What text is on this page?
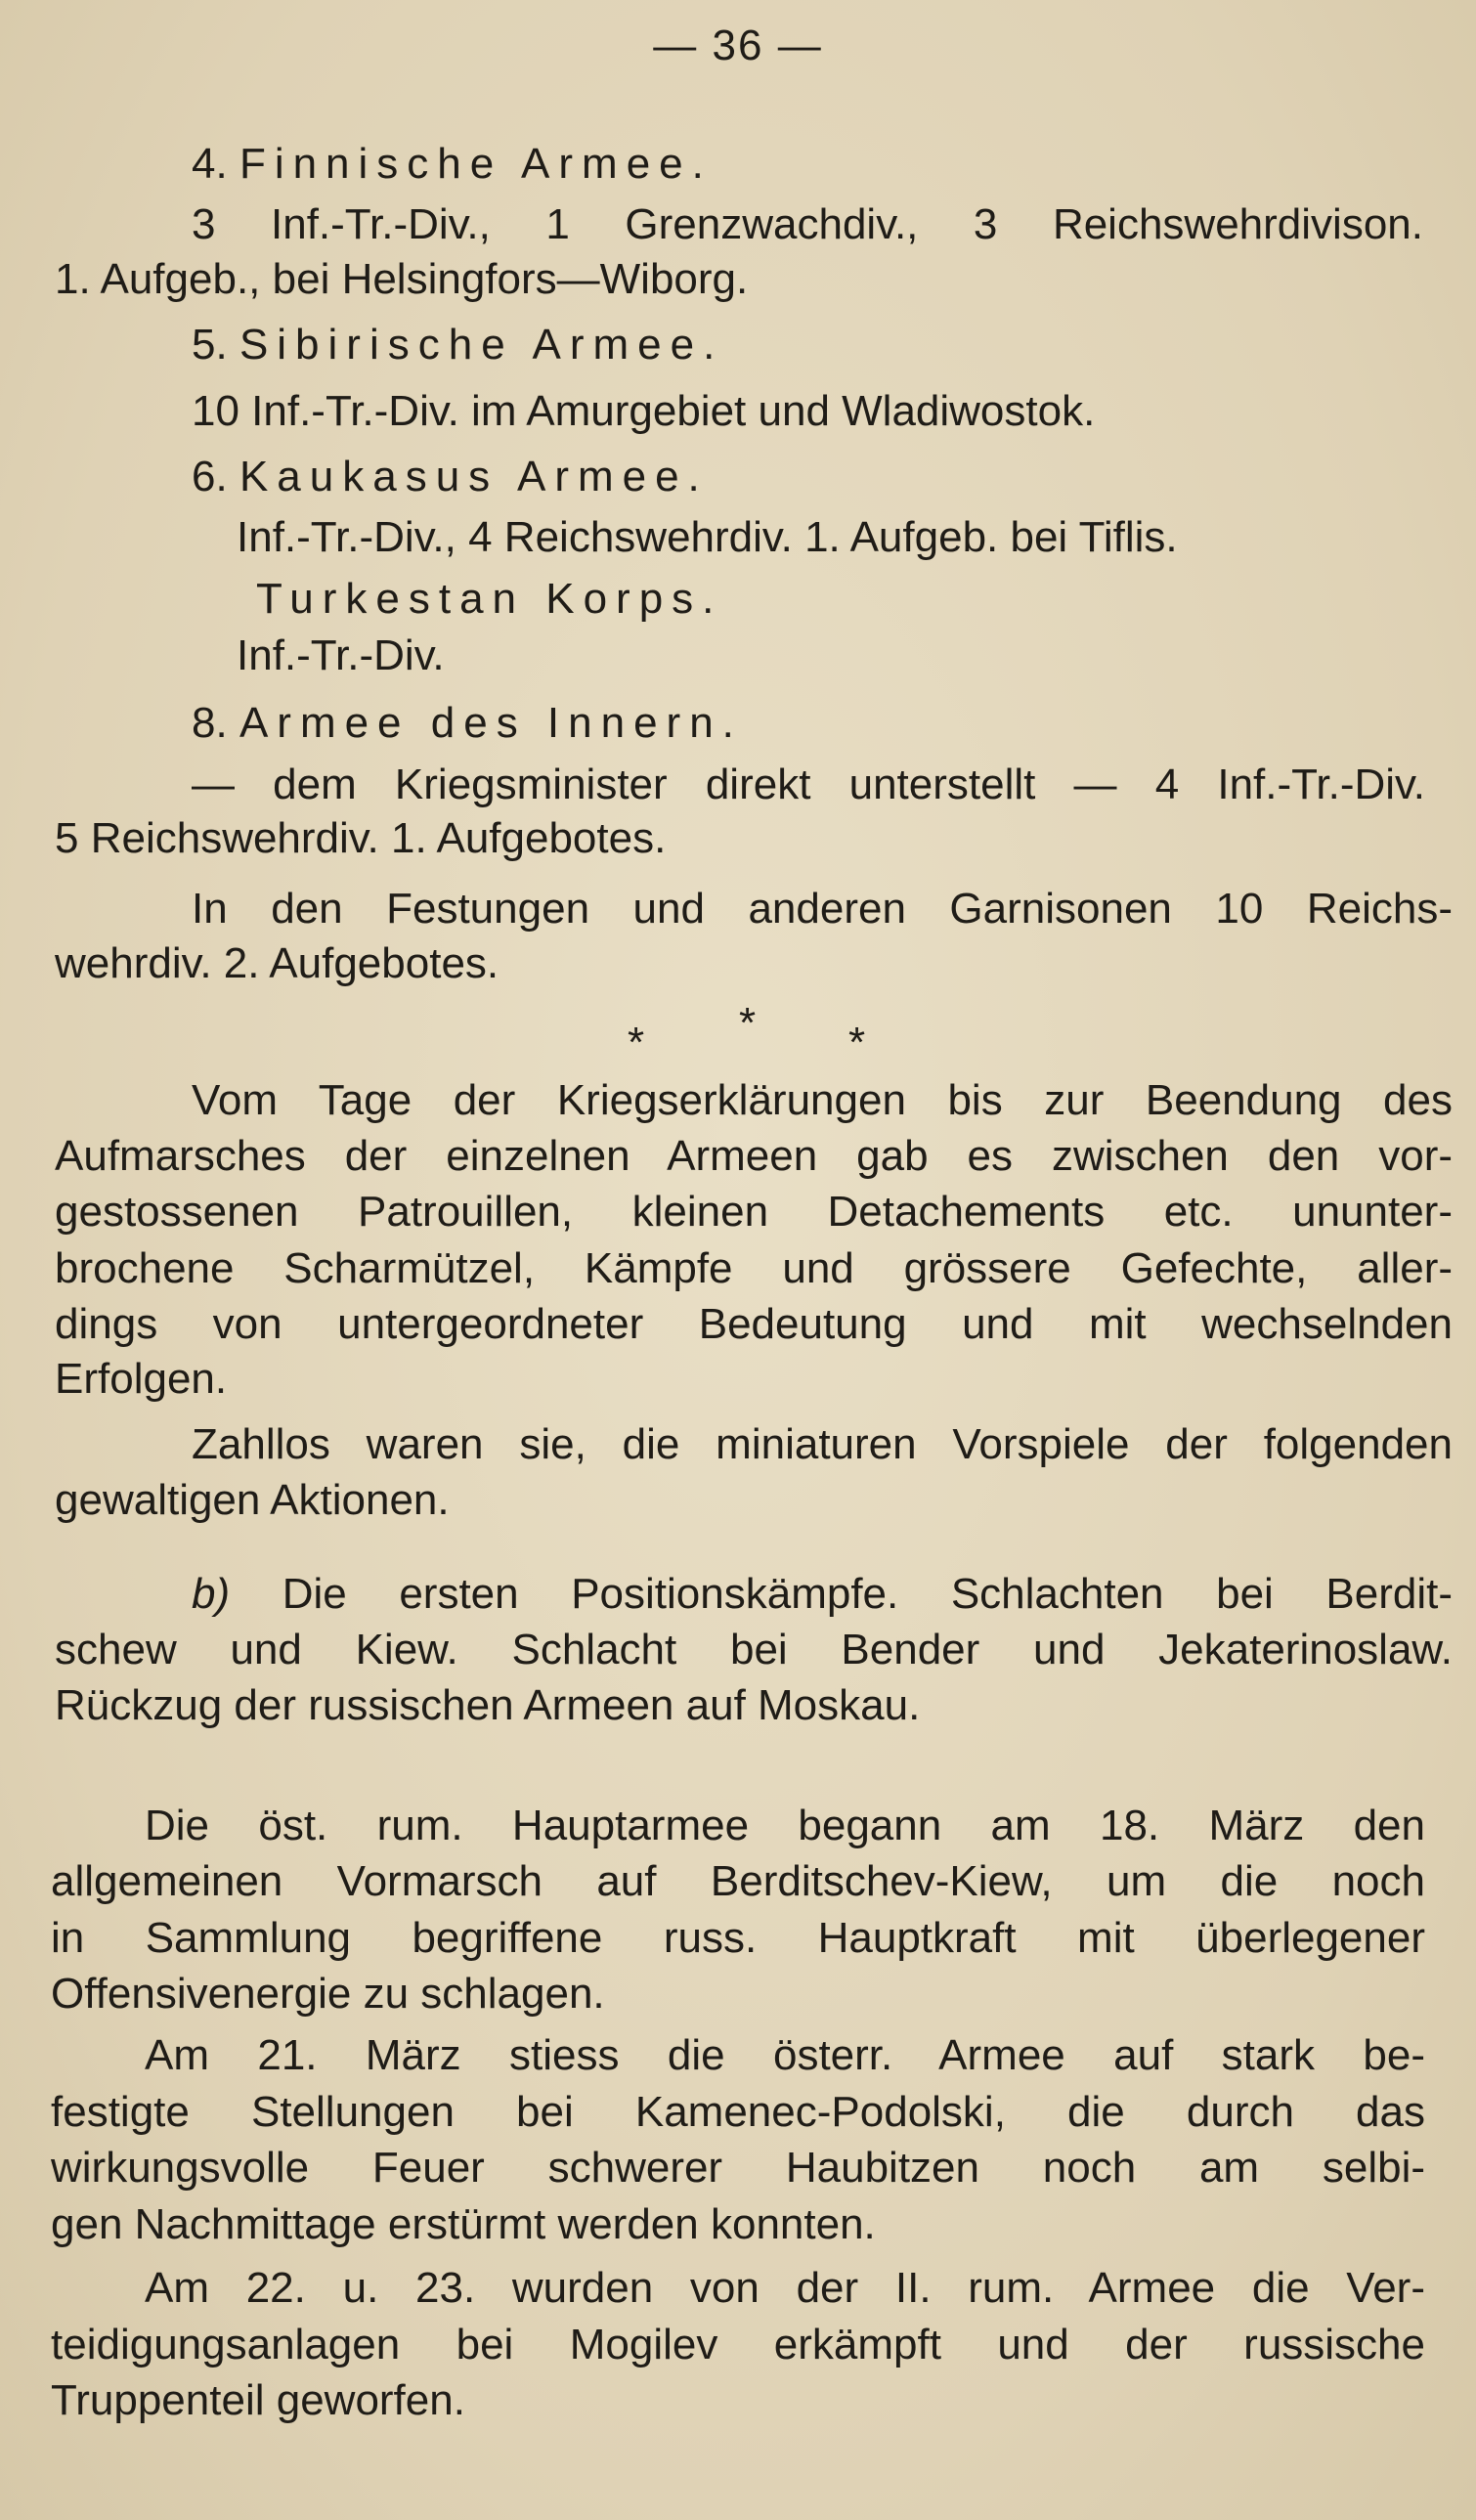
— 36 —
4. Finnische Armee.
3 Inf.-Tr.-Div., 1 Grenzwachdiv., 3 Reichswehrdivison.
1. Aufgeb., bei Helsingfors—Wiborg.
5. Sibirische Armee.
10 Inf.-Tr.-Div. im Amurgebiet und Wladiwostok.
6. Kaukasus Armee.
Inf.-Tr.-Div., 4 Reichswehrdiv. 1. Aufgeb. bei Tiflis.
Turkestan Korps.
Inf.-Tr.-Div.
8. Armee des Innern.
— dem Kriegsminister direkt unterstellt — 4 Inf.-Tr.-Div.
5 Reichswehrdiv. 1. Aufgebotes.
In den Festungen und anderen Garnisonen 10 Reichs-
wehrdiv. 2. Aufgebotes.
* * *
Vom Tage der Kriegserklärungen bis zur Beendung des
Aufmarsches der einzelnen Armeen gab es zwischen den vor-
gestossenen Patrouillen, kleinen Detachements etc. ununter-
brochene Scharmützel, Kämpfe und grössere Gefechte, aller-
dings von untergeordneter Bedeutung und mit wechselnden
Erfolgen.
Zahllos waren sie, die miniaturen Vorspiele der folgenden
gewaltigen Aktionen.
b) Die ersten Positionskämpfe. Schlachten bei Berdit-
schew und Kiew. Schlacht bei Bender und Jekaterinoslaw.
Rückzug der russischen Armeen auf Moskau.
Die öst. rum. Hauptarmee begann am 18. März den
allgemeinen Vormarsch auf Berditschev-Kiew, um die noch
in Sammlung begriffene russ. Hauptkraft mit überlegener
Offensivenergie zu schlagen.
Am 21. März stiess die österr. Armee auf stark be-
festigte Stellungen bei Kamenec-Podolski, die durch das
wirkungsvolle Feuer schwerer Haubitzen noch am selbi-
gen Nachmittage erstürmt werden konnten.
Am 22. u. 23. wurden von der II. rum. Armee die Ver-
teidigungsanlagen bei Mogilev erkämpft und der russische
Truppenteil geworfen.
